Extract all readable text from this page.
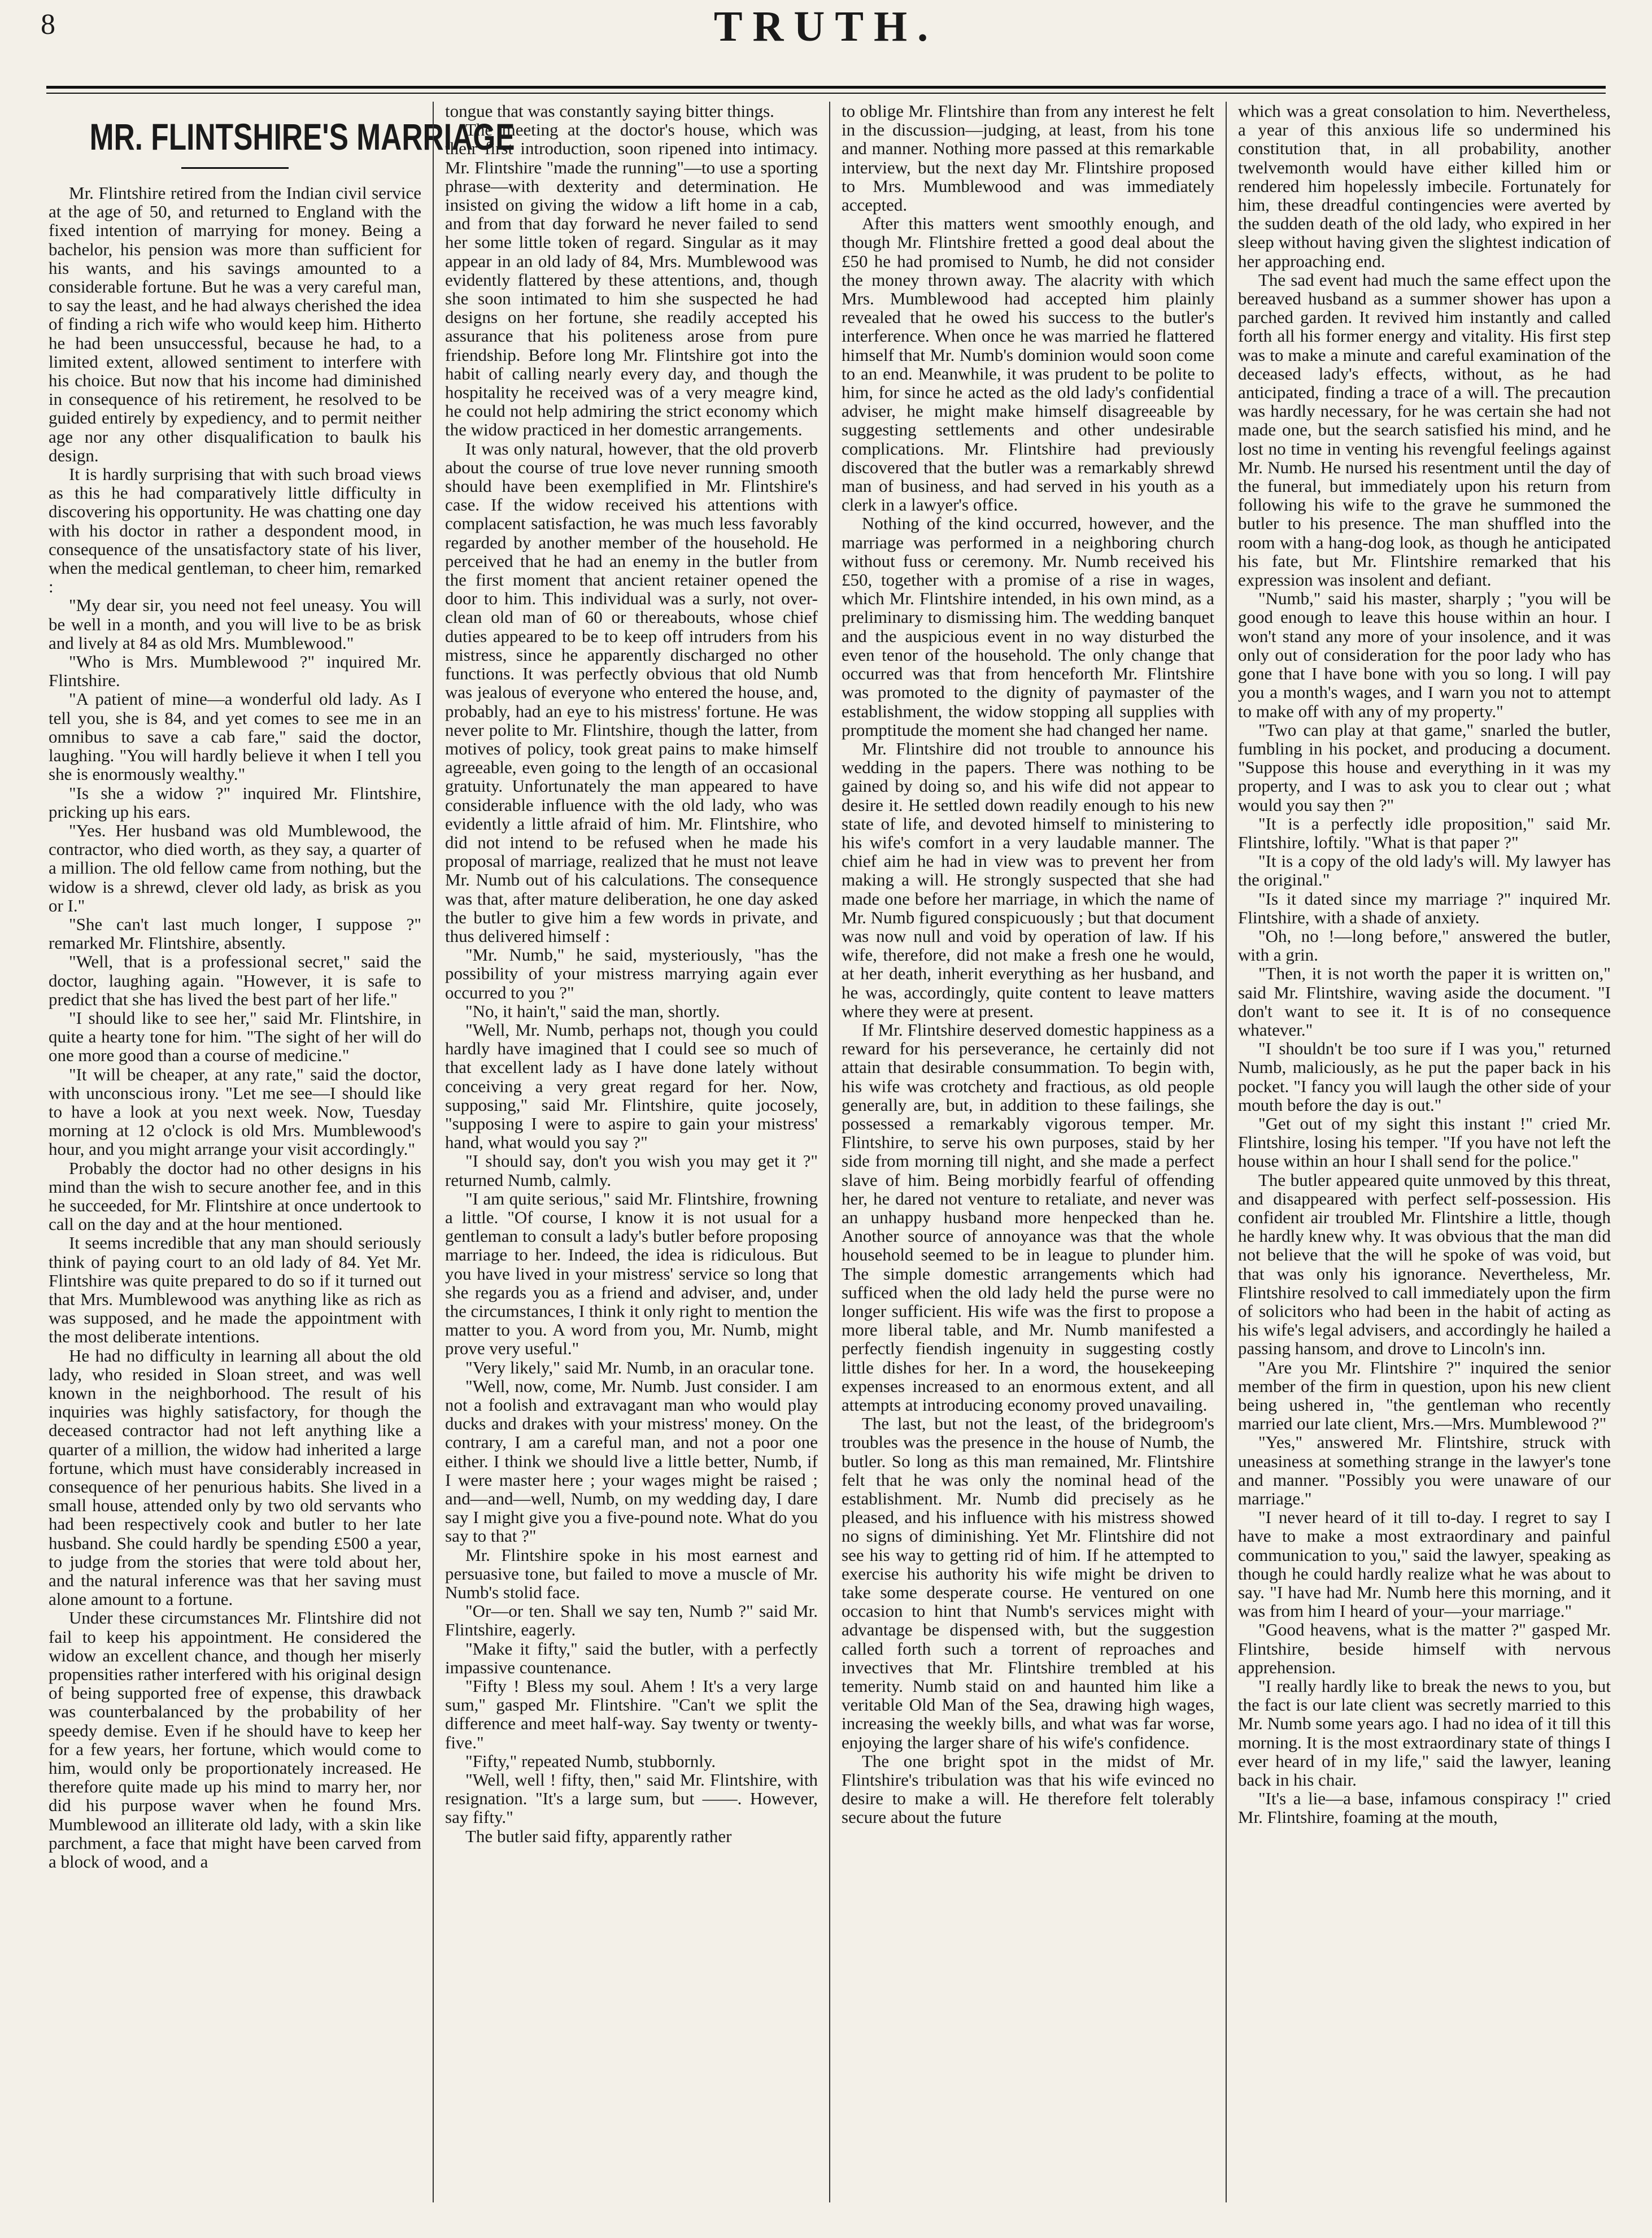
8	TRUTH.
MR. FLINTSHIRE'S MARRIAGE

Mr. Flintshire retired from the Indian civil service at the age of 50, and returned to England with the fixed intention of marrying for money. Being a bachelor, his pension was more than sufficient for his wants, and his savings amounted to a considerable fortune. But he was a very careful man, to say the least, and he had always cherished the idea of finding a rich wife who would keep him. Hitherto he had been unsuccessful, because he had, to a limited extent, allowed sentiment to interfere with his choice. But now that his income had diminished in consequence of his retirement, he resolved to be guided entirely by expediency, and to permit neither age nor any other disqualification to baulk his design.

It is hardly surprising that with such broad views as this he had comparatively little difficulty in discovering his opportunity. He was chatting one day with his doctor in rather a despondent mood, in consequence of the unsatisfactory state of his liver, when the medical gentleman, to cheer him, remarked :

"My dear sir, you need not feel uneasy. You will be well in a month, and you will live to be as brisk and lively at 84 as old Mrs. Mumblewood."

"Who is Mrs. Mumblewood ?" inquired Mr. Flintshire.

"A patient of mine—a wonderful old lady. As I tell you, she is 84, and yet comes to see me in an omnibus to save a cab fare," said the doctor, laughing. "You will hardly believe it when I tell you she is enormously wealthy."

"Is she a widow ?" inquired Mr. Flintshire, pricking up his ears.

"Yes. Her husband was old Mumblewood, the contractor, who died worth, as they say, a quarter of a million. The old fellow came from nothing, but the widow is a shrewd, clever old lady, as brisk as you or I."

"She can't last much longer, I suppose ?" remarked Mr. Flintshire, absently.

"Well, that is a professional secret," said the doctor, laughing again. "However, it is safe to predict that she has lived the best part of her life."

"I should like to see her," said Mr. Flintshire, in quite a hearty tone for him. "The sight of her will do one more good than a course of medicine."

"It will be cheaper, at any rate," said the doctor, with unconscious irony. "Let me see—I should like to have a look at you next week. Now, Tuesday morning at 12 o'clock is old Mrs. Mumblewood's hour, and you might arrange your visit accordingly."

Probably the doctor had no other designs in his mind than the wish to secure another fee, and in this he succeeded, for Mr. Flintshire at once undertook to call on the day and at the hour mentioned.

It seems incredible that any man should seriously think of paying court to an old lady of 84. Yet Mr. Flintshire was quite prepared to do so if it turned out that Mrs. Mumblewood was anything like as rich as was supposed, and he made the appointment with the most deliberate intentions.

He had no difficulty in learning all about the old lady, who resided in Sloan street, and was well known in the neighborhood. The result of his inquiries was highly satisfactory, for though the deceased contractor had not left anything like a quarter of a million, the widow had inherited a large fortune, which must have considerably increased in consequence of her penurious habits. She lived in a small house, attended only by two old servants who had been respectively cook and butler to her late husband. She could hardly be spending £500 a year, to judge from the stories that were told about her, and the natural inference was that her saving must alone amount to a fortune.

Under these circumstances Mr. Flintshire did not fail to keep his appointment. He considered the widow an excellent chance, and though her miserly propensities rather interfered with his original design of being supported free of expense, this drawback was counterbalanced by the probability of her speedy demise. Even if he should have to keep her for a few years, her fortune, which would come to him, would only be proportionately increased. He therefore quite made up his mind to marry her, nor did his purpose waver when he found Mrs. Mumblewood an illiterate old lady, with a skin like parchment, a face that might have been carved from a block of wood, and a

tongue that was constantly saying bitter things.

The meeting at the doctor's house, which was their first introduction, soon ripened into intimacy. Mr. Flintshire "made the running"—to use a sporting phrase—with dexterity and determination. He insisted on giving the widow a lift home in a cab, and from that day forward he never failed to send her some little token of regard. Singular as it may appear in an old lady of 84, Mrs. Mumblewood was evidently flattered by these attentions, and, though she soon intimated to him she suspected he had designs on her fortune, she readily accepted his assurance that his politeness arose from pure friendship. Before long Mr. Flintshire got into the habit of calling nearly every day, and though the hospitality he received was of a very meagre kind, he could not help admiring the strict economy which the widow practiced in her domestic arrangements.

It was only natural, however, that the old proverb about the course of true love never running smooth should have been exemplified in Mr. Flintshire's case. If the widow received his attentions with complacent satisfaction, he was much less favorably regarded by another member of the household. He perceived that he had an enemy in the butler from the first moment that ancient retainer opened the door to him. This individual was a surly, not over-clean old man of 60 or thereabouts, whose chief duties appeared to be to keep off intruders from his mistress, since he apparently discharged no other functions. It was perfectly obvious that old Numb was jealous of everyone who entered the house, and, probably, had an eye to his mistress' fortune. He was never polite to Mr. Flintshire, though the latter, from motives of policy, took great pains to make himself agreeable, even going to the length of an occasional gratuity. Unfortunately the man appeared to have considerable influence with the old lady, who was evidently a little afraid of him. Mr. Flintshire, who did not intend to be refused when he made his proposal of marriage, realized that he must not leave Mr. Numb out of his calculations. The consequence was that, after mature deliberation, he one day asked the butler to give him a few words in private, and thus delivered himself :

"Mr. Numb," he said, mysteriously, "has the possibility of your mistress marrying again ever occurred to you ?"

"No, it hain't," said the man, shortly.

"Well, Mr. Numb, perhaps not, though you could hardly have imagined that I could see so much of that excellent lady as I have done lately without conceiving a very great regard for her. Now, supposing," said Mr. Flintshire, quite jocosely, "supposing I were to aspire to gain your mistress' hand, what would you say ?"

"I should say, don't you wish you may get it ?" returned Numb, calmly.

"I am quite serious," said Mr. Flintshire, frowning a little. "Of course, I know it is not usual for a gentleman to consult a lady's butler before proposing marriage to her. Indeed, the idea is ridiculous. But you have lived in your mistress' service so long that she regards you as a friend and adviser, and, under the circumstances, I think it only right to mention the matter to you. A word from you, Mr. Numb, might prove very useful."

"Very likely," said Mr. Numb, in an oracular tone.

"Well, now, come, Mr. Numb. Just consider. I am not a foolish and extravagant man who would play ducks and drakes with your mistress' money. On the contrary, I am a careful man, and not a poor one either. I think we should live a little better, Numb, if I were master here ; your wages might be raised ; and—and—well, Numb, on my wedding day, I dare say I might give you a five-pound note. What do you say to that ?"

Mr. Flintshire spoke in his most earnest and persuasive tone, but failed to move a muscle of Mr. Numb's stolid face.

"Or—or ten. Shall we say ten, Numb ?" said Mr. Flintshire, eagerly.

"Make it fifty," said the butler, with a perfectly impassive countenance.

"Fifty ! Bless my soul. Ahem ! It's a very large sum," gasped Mr. Flintshire. "Can't we split the difference and meet half-way. Say twenty or twenty-five."

"Fifty," repeated Numb, stubbornly.

"Well, well ! fifty, then," said Mr. Flintshire, with resignation. "It's a large sum, but ——. However, say fifty."

The butler said fifty, apparently rather

to oblige Mr. Flintshire than from any interest he felt in the discussion—judging, at least, from his tone and manner. Nothing more passed at this remarkable interview, but the next day Mr. Flintshire proposed to Mrs. Mumblewood and was immediately accepted.

After this matters went smoothly enough, and though Mr. Flintshire fretted a good deal about the £50 he had promised to Numb, he did not consider the money thrown away. The alacrity with which Mrs. Mumblewood had accepted him plainly revealed that he owed his success to the butler's interference. When once he was married he flattered himself that Mr. Numb's dominion would soon come to an end. Meanwhile, it was prudent to be polite to him, for since he acted as the old lady's confidential adviser, he might make himself disagreeable by suggesting settlements and other undesirable complications. Mr. Flintshire had previously discovered that the butler was a remarkably shrewd man of business, and had served in his youth as a clerk in a lawyer's office.

Nothing of the kind occurred, however, and the marriage was performed in a neighboring church without fuss or ceremony. Mr. Numb received his £50, together with a promise of a rise in wages, which Mr. Flintshire intended, in his own mind, as a preliminary to dismissing him. The wedding banquet and the auspicious event in no way disturbed the even tenor of the household. The only change that occurred was that from henceforth Mr. Flintshire was promoted to the dignity of paymaster of the establishment, the widow stopping all supplies with promptitude the moment she had changed her name.

Mr. Flintshire did not trouble to announce his wedding in the papers. There was nothing to be gained by doing so, and his wife did not appear to desire it. He settled down readily enough to his new state of life, and devoted himself to ministering to his wife's comfort in a very laudable manner. The chief aim he had in view was to prevent her from making a will. He strongly suspected that she had made one before her marriage, in which the name of Mr. Numb figured conspicuously ; but that document was now null and void by operation of law. If his wife, therefore, did not make a fresh one he would, at her death, inherit everything as her husband, and he was, accordingly, quite content to leave matters where they were at present.

If Mr. Flintshire deserved domestic happiness as a reward for his perseverance, he certainly did not attain that desirable consummation. To begin with, his wife was crotchety and fractious, as old people generally are, but, in addition to these failings, she possessed a remarkably vigorous temper. Mr. Flintshire, to serve his own purposes, staid by her side from morning till night, and she made a perfect slave of him. Being morbidly fearful of offending her, he dared not venture to retaliate, and never was an unhappy husband more henpecked than he. Another source of annoyance was that the whole household seemed to be in league to plunder him. The simple domestic arrangements which had sufficed when the old lady held the purse were no longer sufficient. His wife was the first to propose a more liberal table, and Mr. Numb manifested a perfectly fiendish ingenuity in suggesting costly little dishes for her. In a word, the housekeeping expenses increased to an enormous extent, and all attempts at introducing economy proved unavailing.

The last, but not the least, of the bridegroom's troubles was the presence in the house of Numb, the butler. So long as this man remained, Mr. Flintshire felt that he was only the nominal head of the establishment. Mr. Numb did precisely as he pleased, and his influence with his mistress showed no signs of diminishing. Yet Mr. Flintshire did not see his way to getting rid of him. If he attempted to exercise his authority his wife might be driven to take some desperate course. He ventured on one occasion to hint that Numb's services might with advantage be dispensed with, but the suggestion called forth such a torrent of reproaches and invectives that Mr. Flintshire trembled at his temerity. Numb staid on and haunted him like a veritable Old Man of the Sea, drawing high wages, increasing the weekly bills, and what was far worse, enjoying the larger share of his wife's confidence.

The one bright spot in the midst of Mr. Flintshire's tribulation was that his wife evinced no desire to make a will. He therefore felt tolerably secure about the future

which was a great consolation to him. Nevertheless, a year of this anxious life so undermined his constitution that, in all probability, another twelvemonth would have either killed him or rendered him hopelessly imbecile. Fortunately for him, these dreadful contingencies were averted by the sudden death of the old lady, who expired in her sleep without having given the slightest indication of her approaching end.

The sad event had much the same effect upon the bereaved husband as a summer shower has upon a parched garden. It revived him instantly and called forth all his former energy and vitality. His first step was to make a minute and careful examination of the deceased lady's effects, without, as he had anticipated, finding a trace of a will. The precaution was hardly necessary, for he was certain she had not made one, but the search satisfied his mind, and he lost no time in venting his revengful feelings against Mr. Numb. He nursed his resentment until the day of the funeral, but immediately upon his return from following his wife to the grave he summoned the butler to his presence. The man shuffled into the room with a hang-dog look, as though he anticipated his fate, but Mr. Flintshire remarked that his expression was insolent and defiant.

"Numb," said his master, sharply ; "you will be good enough to leave this house within an hour. I won't stand any more of your insolence, and it was only out of consideration for the poor lady who has gone that I have bone with you so long. I will pay you a month's wages, and I warn you not to attempt to make off with any of my property."

"Two can play at that game," snarled the butler, fumbling in his pocket, and producing a document. "Suppose this house and everything in it was my property, and I was to ask you to clear out ; what would you say then ?"

"It is a perfectly idle proposition," said Mr. Flintshire, loftily. "What is that paper ?"

"It is a copy of the old lady's will. My lawyer has the original."

"Is it dated since my marriage ?" inquired Mr. Flintshire, with a shade of anxiety.

"Oh, no !—long before," answered the butler, with a grin.

"Then, it is not worth the paper it is written on," said Mr. Flintshire, waving aside the document. "I don't want to see it. It is of no consequence whatever."

"I shouldn't be too sure if I was you," returned Numb, maliciously, as he put the paper back in his pocket. "I fancy you will laugh the other side of your mouth before the day is out."

"Get out of my sight this instant !" cried Mr. Flintshire, losing his temper. "If you have not left the house within an hour I shall send for the police."

The butler appeared quite unmoved by this threat, and disappeared with perfect self-possession. His confident air troubled Mr. Flintshire a little, though he hardly knew why. It was obvious that the man did not believe that the will he spoke of was void, but that was only his ignorance. Nevertheless, Mr. Flintshire resolved to call immediately upon the firm of solicitors who had been in the habit of acting as his wife's legal advisers, and accordingly he hailed a passing hansom, and drove to Lincoln's inn.

"Are you Mr. Flintshire ?" inquired the senior member of the firm in question, upon his new client being ushered in, "the gentleman who recently married our late client, Mrs.—Mrs. Mumblewood ?"

"Yes," answered Mr. Flintshire, struck with uneasiness at something strange in the lawyer's tone and manner. "Possibly you were unaware of our marriage."

"I never heard of it till to-day. I regret to say I have to make a most extraordinary and painful communication to you," said the lawyer, speaking as though he could hardly realize what he was about to say. "I have had Mr. Numb here this morning, and it was from him I heard of your—your marriage."

"Good heavens, what is the matter ?" gasped Mr. Flintshire, beside himself with nervous apprehension.

"I really hardly like to break the news to you, but the fact is our late client was secretly married to this Mr. Numb some years ago. I had no idea of it till this morning. It is the most extraordinary state of things I ever heard of in my life," said the lawyer, leaning back in his chair.

"It's a lie—a base, infamous conspiracy !" cried Mr. Flintshire, foaming at the mouth,
